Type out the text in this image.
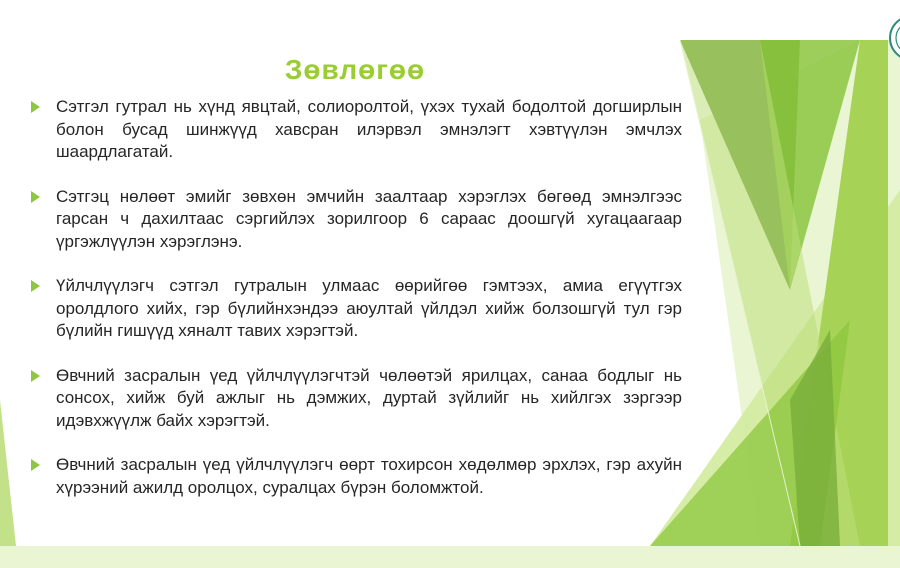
Зөвлөгөө
Сэтгэл гутрал нь хүнд явцтай, солиоролтой, үхэх тухай бодолтой догширлын болон бусад шинжүүд хавсран илэрвэл эмнэлэгт хэвтүүлэн эмчлэх шаардлагатай.
Сэтгэц нөлөөт эмийг зөвхөн эмчийн заалтаар хэрэглэх бөгөөд эмнэлгээс гарсан ч дахилтаас сэргийлэх зорилгоор 6 сараас доошгүй хугацаагаар үргэжлүүлэн хэрэглэнэ.
Үйлчлүүлэгч сэтгэл гутралын улмаас өөрийгөө гэмтээх, амиа егүүтгэх оролдлого хийх, гэр бүлийнхэндээ аюултай үйлдэл хийж болзошгүй тул гэр бүлийн гишүүд хяналт тавих хэрэгтэй.
Өвчний засралын үед үйлчлүүлэгчтэй чөлөөтэй ярилцах, санаа бодлыг нь сонсох, хийж буй ажлыг нь дэмжих, дуртай зүйлийг нь хийлгэх зэргээр идэвхжүүлж байх хэрэгтэй.
Өвчний засралын үед үйлчлүүлэгч өөрт тохирсон хөдөлмөр эрхлэх, гэр ахуйн хүрээний ажилд оролцох, суралцах бүрэн боломжтой.
